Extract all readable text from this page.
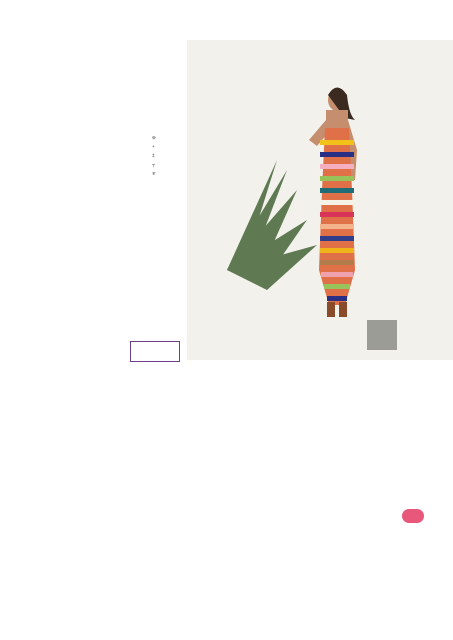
⊖
+
‡
┬
∓
